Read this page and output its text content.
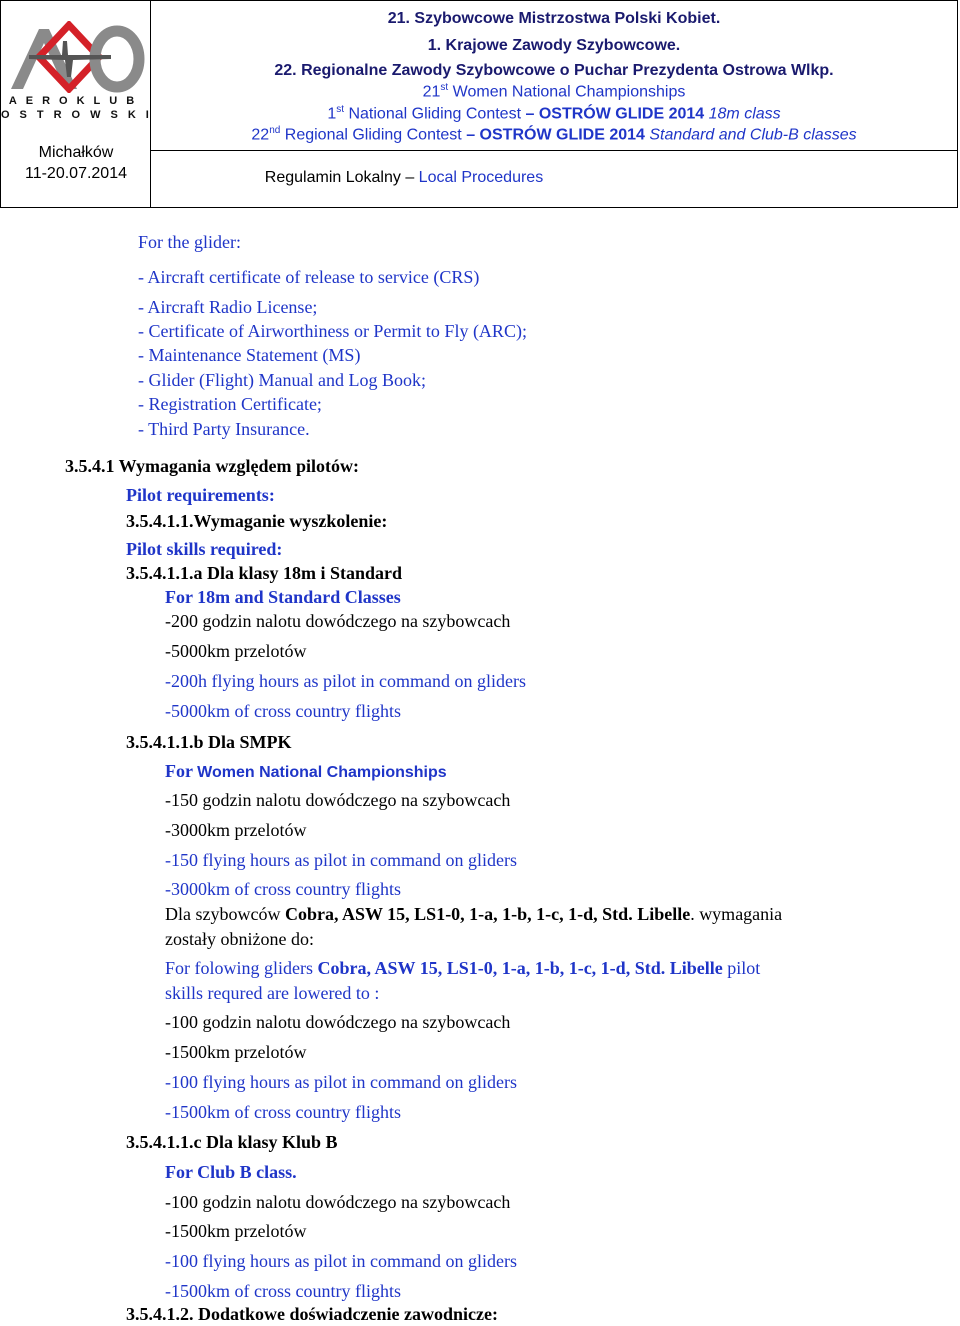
AEROKLUB
OSTROWSKI
Michałków
11-20.07.2014
21. Szybowcowe Mistrzostwa Polski Kobiet.
1. Krajowe Zawody Szybowcowe.
22. Regionalne Zawody Szybowcowe o Puchar Prezydenta Ostrowa Wlkp.
21st Women National Championships
1st National Gliding Contest – OSTRÓW GLIDE 2014 18m class
22nd Regional Gliding Contest – OSTRÓW GLIDE 2014 Standard and Club-B classes
Regulamin Lokalny – Local Procedures
For the glider:
- Aircraft certificate of release to service (CRS)
- Aircraft Radio License;
- Certificate of Airworthiness or Permit to Fly (ARC);
- Maintenance Statement (MS)
- Glider (Flight) Manual and Log Book;
- Registration Certificate;
- Third Party Insurance.
3.5.4.1 Wymagania względem pilotów:
Pilot requirements:
3.5.4.1.1.Wymaganie wyszkolenie:
Pilot skills required:
3.5.4.1.1.a Dla klasy 18m i Standard
For 18m and Standard Classes
-200 godzin nalotu dowódczego na szybowcach
-5000km przelotów
-200h flying hours as pilot in command on gliders
-5000km of cross country flights
3.5.4.1.1.b Dla SMPK
For Women National Championships
-150 godzin nalotu dowódczego na szybowcach
-3000km przelotów
-150 flying hours as pilot in command on gliders
-3000km of cross country flights
Dla szybowców Cobra, ASW 15, LS1-0, 1-a, 1-b, 1-c, 1-d, Std. Libelle. wymagania
zostały obniżone do:
For folowing gliders Cobra, ASW 15, LS1-0, 1-a, 1-b, 1-c, 1-d, Std. Libelle pilot
skills requred are lowered to :
-100 godzin nalotu dowódczego na szybowcach
-1500km przelotów
-100 flying hours as pilot in command on gliders
-1500km of cross country flights
3.5.4.1.1.c Dla klasy Klub B
For Club B class.
-100 godzin nalotu dowódczego na szybowcach
-1500km przelotów
-100 flying hours as pilot in command on gliders
-1500km of cross country flights
3.5.4.1.2. Dodatkowe doświadczenie zawodnicze:
